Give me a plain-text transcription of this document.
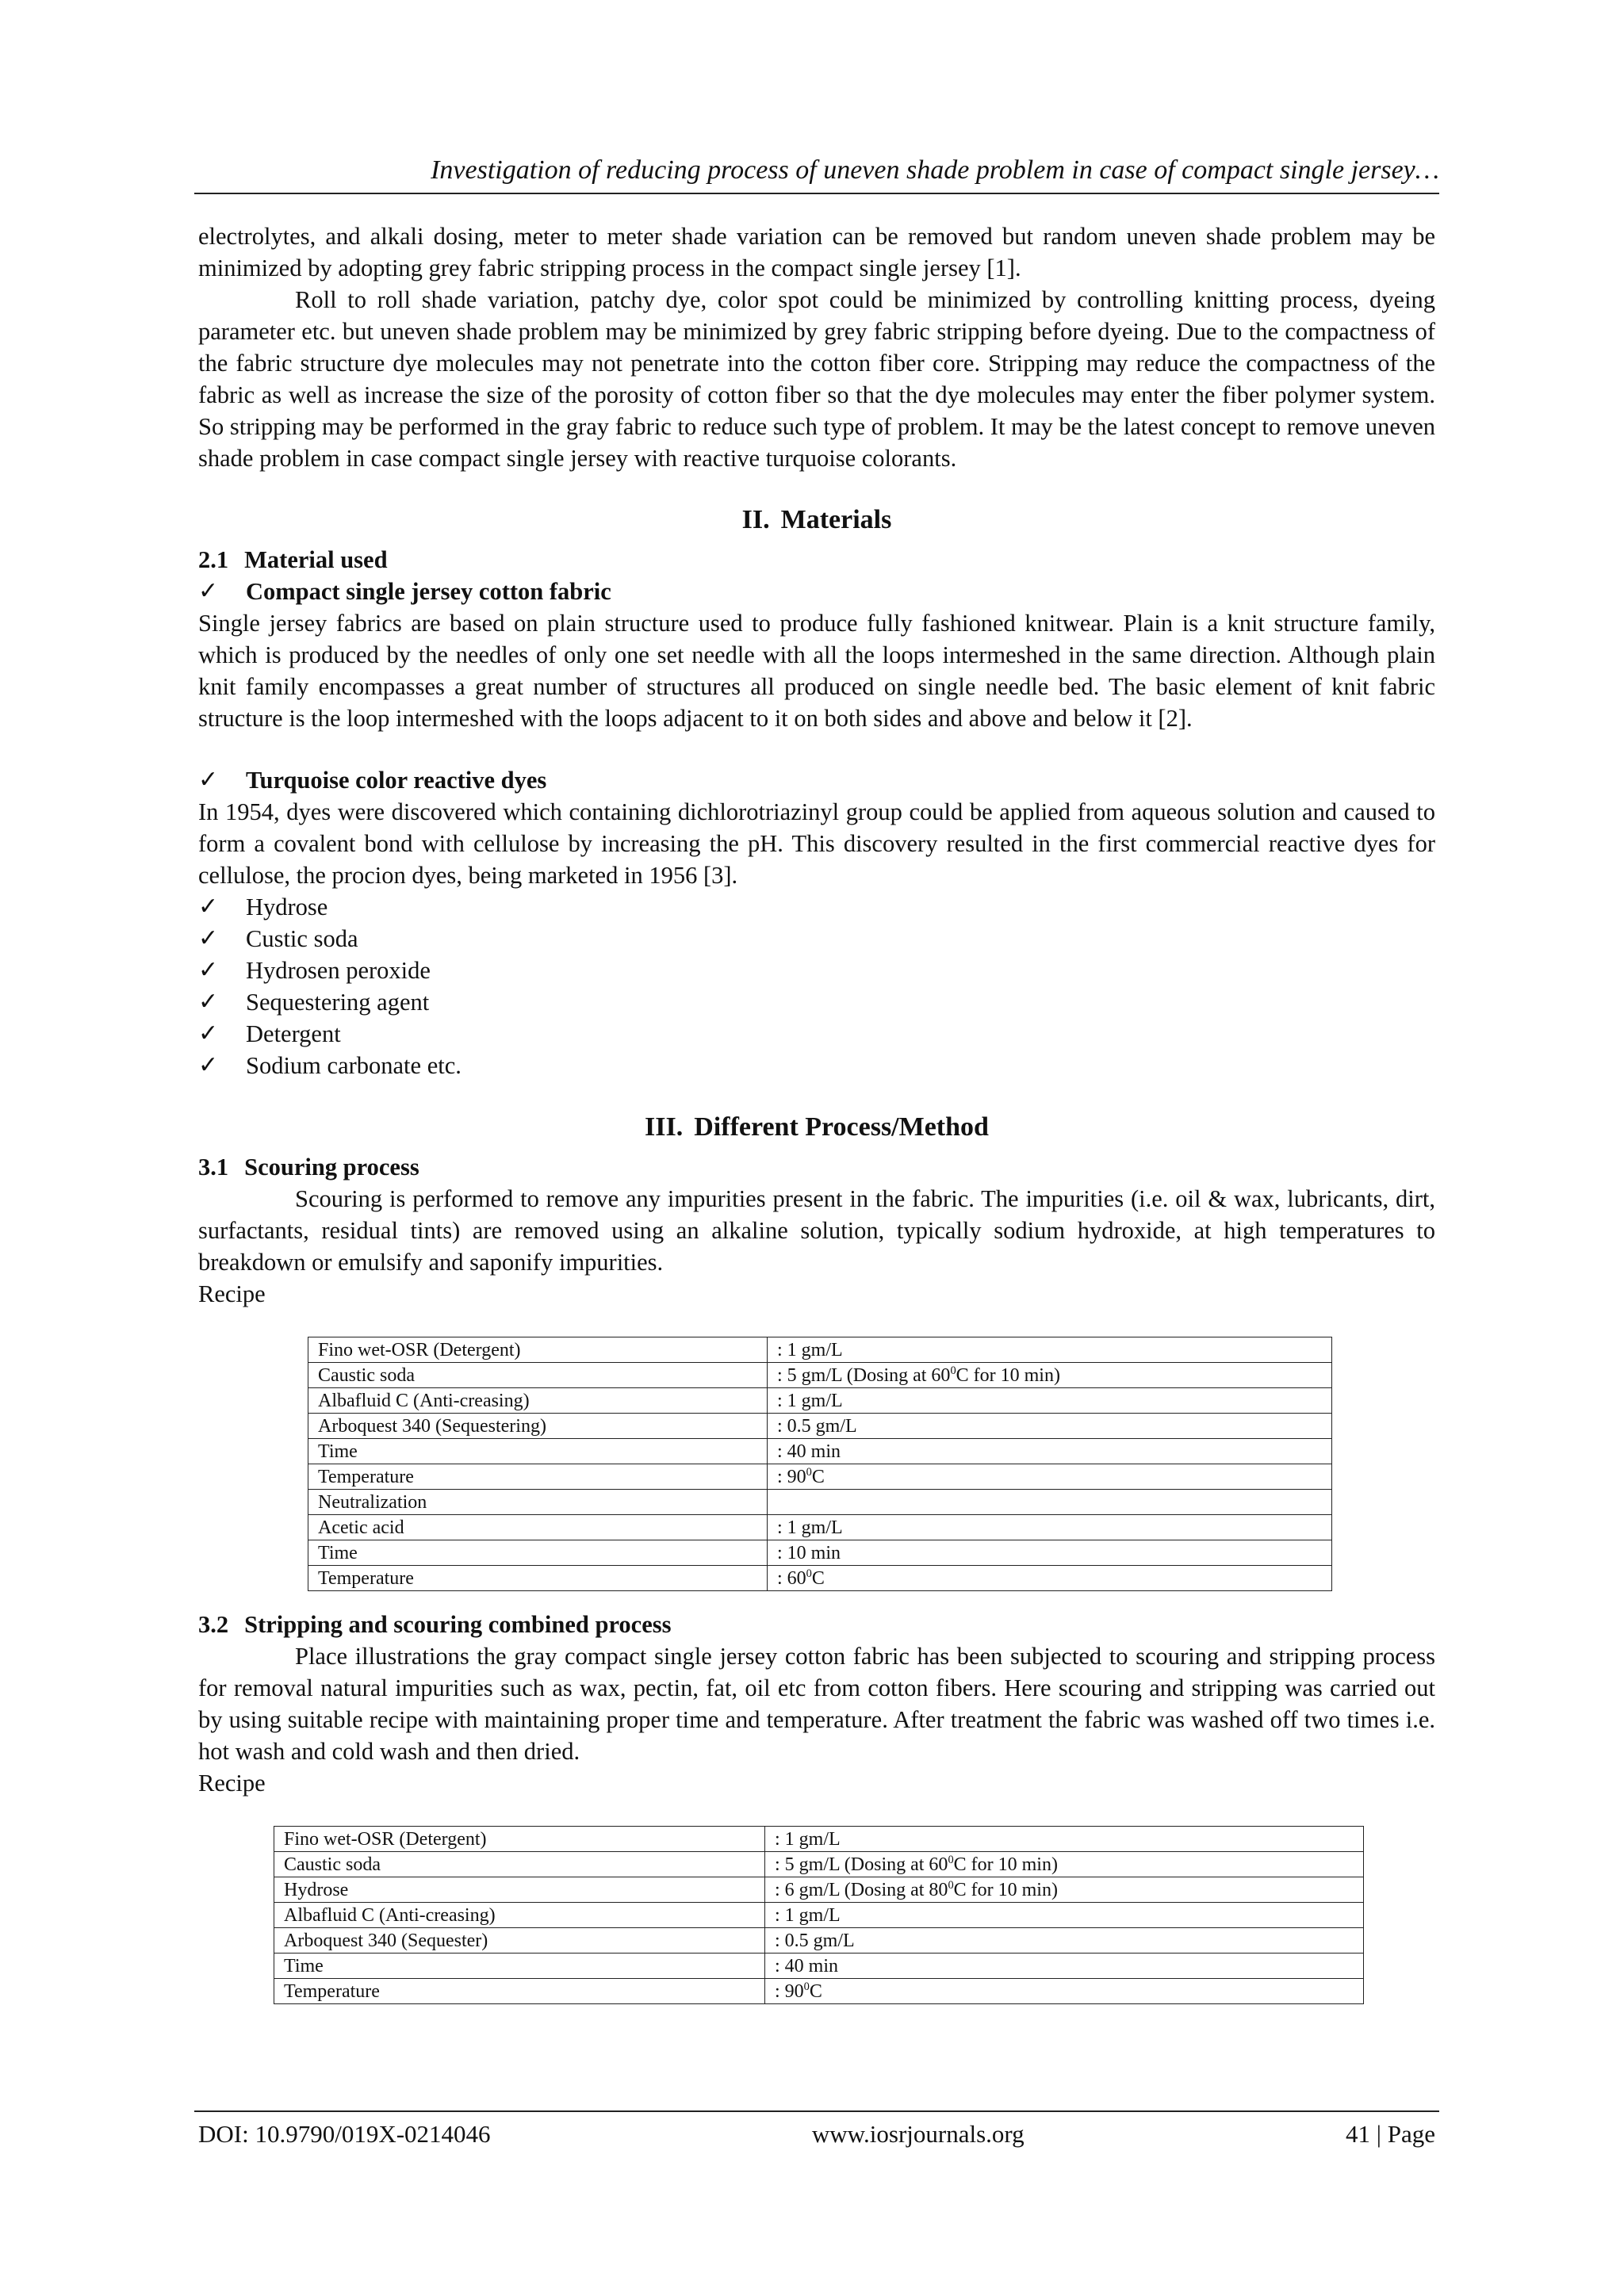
Investigation of reducing process of uneven shade problem in case of compact single jersey…

electrolytes, and alkali dosing, meter to meter shade variation can be removed but random uneven shade problem may be minimized by adopting grey fabric stripping process in the compact single jersey [1].

Roll to roll shade variation, patchy dye, color spot could be minimized by controlling knitting process, dyeing parameter etc. but uneven shade problem may be minimized by grey fabric stripping before dyeing. Due to the compactness of the fabric structure dye molecules may not penetrate into the cotton fiber core. Stripping may reduce the compactness of the fabric as well as increase the size of the porosity of cotton fiber so that the dye molecules may enter the fiber polymer system. So stripping may be performed in the gray fabric to reduce such type of problem. It may be the latest concept to remove uneven shade problem in case compact single jersey with reactive turquoise colorants.

II. Materials

2.1 Material used

✓	Compact single jersey cotton fabric

Single jersey fabrics are based on plain structure used to produce fully fashioned knitwear. Plain is a knit structure family, which is produced by the needles of only one set needle with all the loops intermeshed in the same direction. Although plain knit family encompasses a great number of structures all produced on single needle bed. The basic element of knit fabric structure is the loop intermeshed with the loops adjacent to it on both sides and above and below it [2].

✓	Turquoise color reactive dyes

In 1954, dyes were discovered which containing dichlorotriazinyl group could be applied from aqueous solution and caused to form a covalent bond with cellulose by increasing the pH. This discovery resulted in the first commercial reactive dyes for cellulose, the procion dyes, being marketed in 1956 [3].

✓	Hydrose
✓	Custic soda
✓	Hydrosen peroxide
✓	Sequestering agent
✓	Detergent
✓	Sodium carbonate etc.
III. Different Process/Method

3.1 Scouring process

Scouring is performed to remove any impurities present in the fabric. The impurities (i.e. oil & wax, lubricants, dirt, surfactants, residual tints) are removed using an alkaline solution, typically sodium hydroxide, at high temperatures to breakdown or emulsify and saponify impurities.

Recipe

Fino wet-OSR (Detergent)	: 1 gm/L
Caustic soda	: 5 gm/L (Dosing at $60^0C$ for 10 min)
Albafluid C (Anti-creasing)	: 1 gm/L
Arboquest 340 (Sequestering)	: 0.5 gm/L
Time	: 40 min
Temperature	: $90^0C$
Neutralization	
Acetic acid	: 1 gm/L
Time	: 10 min
Temperature	: $60^0C$

3.2 Stripping and scouring combined process

Place illustrations the gray compact single jersey cotton fabric has been subjected to scouring and stripping process for removal natural impurities such as wax, pectin, fat, oil etc from cotton fibers. Here scouring and stripping was carried out by using suitable recipe with maintaining proper time and temperature. After treatment the fabric was washed off two times i.e. hot wash and cold wash and then dried.

Recipe

Fino wet-OSR (Detergent)	: 1 gm/L
Caustic soda	: 5 gm/L (Dosing at $60^0C$ for 10 min)
Hydrose	: 6 gm/L (Dosing at $80^0C$ for 10 min)
Albafluid C (Anti-creasing)	: 1 gm/L
Arboquest 340 (Sequester)	: 0.5 gm/L
Time	: 40 min
Temperature	: $90^0C$
DOI: 10.9790/019X-0214046	www.iosrjournals.org	41 | Page
